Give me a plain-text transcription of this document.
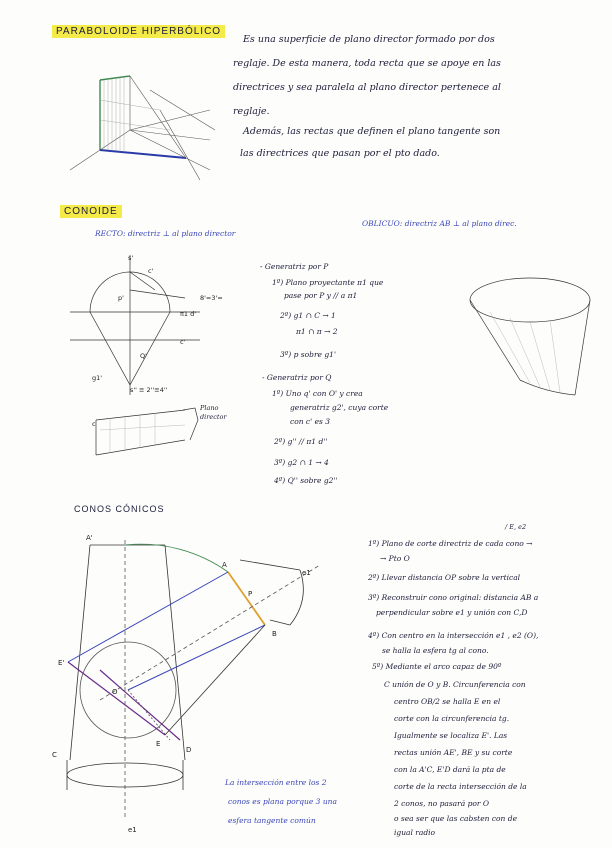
PARABOLOIDE HIPERBÓLICO
Es una superficie de plano director formado por dos
reglaje. De esta manera, toda recta que se apoye en las
directrices y sea paralela al plano director pertenece al
reglaje.
Además, las rectas que definen el plano tangente son
las directrices que pasan por el pto dado.
CONOIDE
RECTO: directriz ⊥ al plano director
OBLICUO: directriz AB ⊥ al plano direc.
s'
c'
p'
π1 d'
8'=3'=
c'
Q'
g1'
s'' ≡ 2''≡4''
c
Plano
director
- Generatriz por P
1º) Plano proyectante π1 que
pase por P y // a π1
2º) g1 ∩ C → 1
π1 ∩ π → 2
3º) p sobre g1'
- Generatriz por Q
1º) Uno q' con O' y crea
generatriz g2', cuya corte
con c' es 3
2º) g'' // π1 d''
3º) g2 ∩ 1 → 4
4º) Q'' sobre g2''
CONOS CÓNICOS
A'
A
P
B
E'
O
E
C
D
e1
e1
/ E, e2
1º) Plano de corte directriz de cada cono →
→ Pto O
2º) Llevar distancia OP sobre la vertical
3º) Reconstruir cono original: distancia AB a
perpendicular sobre e1 y unión con C,D
4º) Con centro en la intersección e1 , e2 (O),
se halla la esfera tg al cono.
5º) Mediante el arco capaz de 90º
C unión de O y B. Circunferencia con
centro OB/2 se halla E en el
corte con la circunferencia tg.
Igualmente se localiza E'. Las
rectas unión AE', BE y su corte
con la A'C, E'D dará la pta de
corte de la recta intersección de la
2 conos, no pasará por O
o sea ser que las cabsten con de
igual radio
La intersección entre los 2
conos es plana porque 3 una
esfera tangente común
